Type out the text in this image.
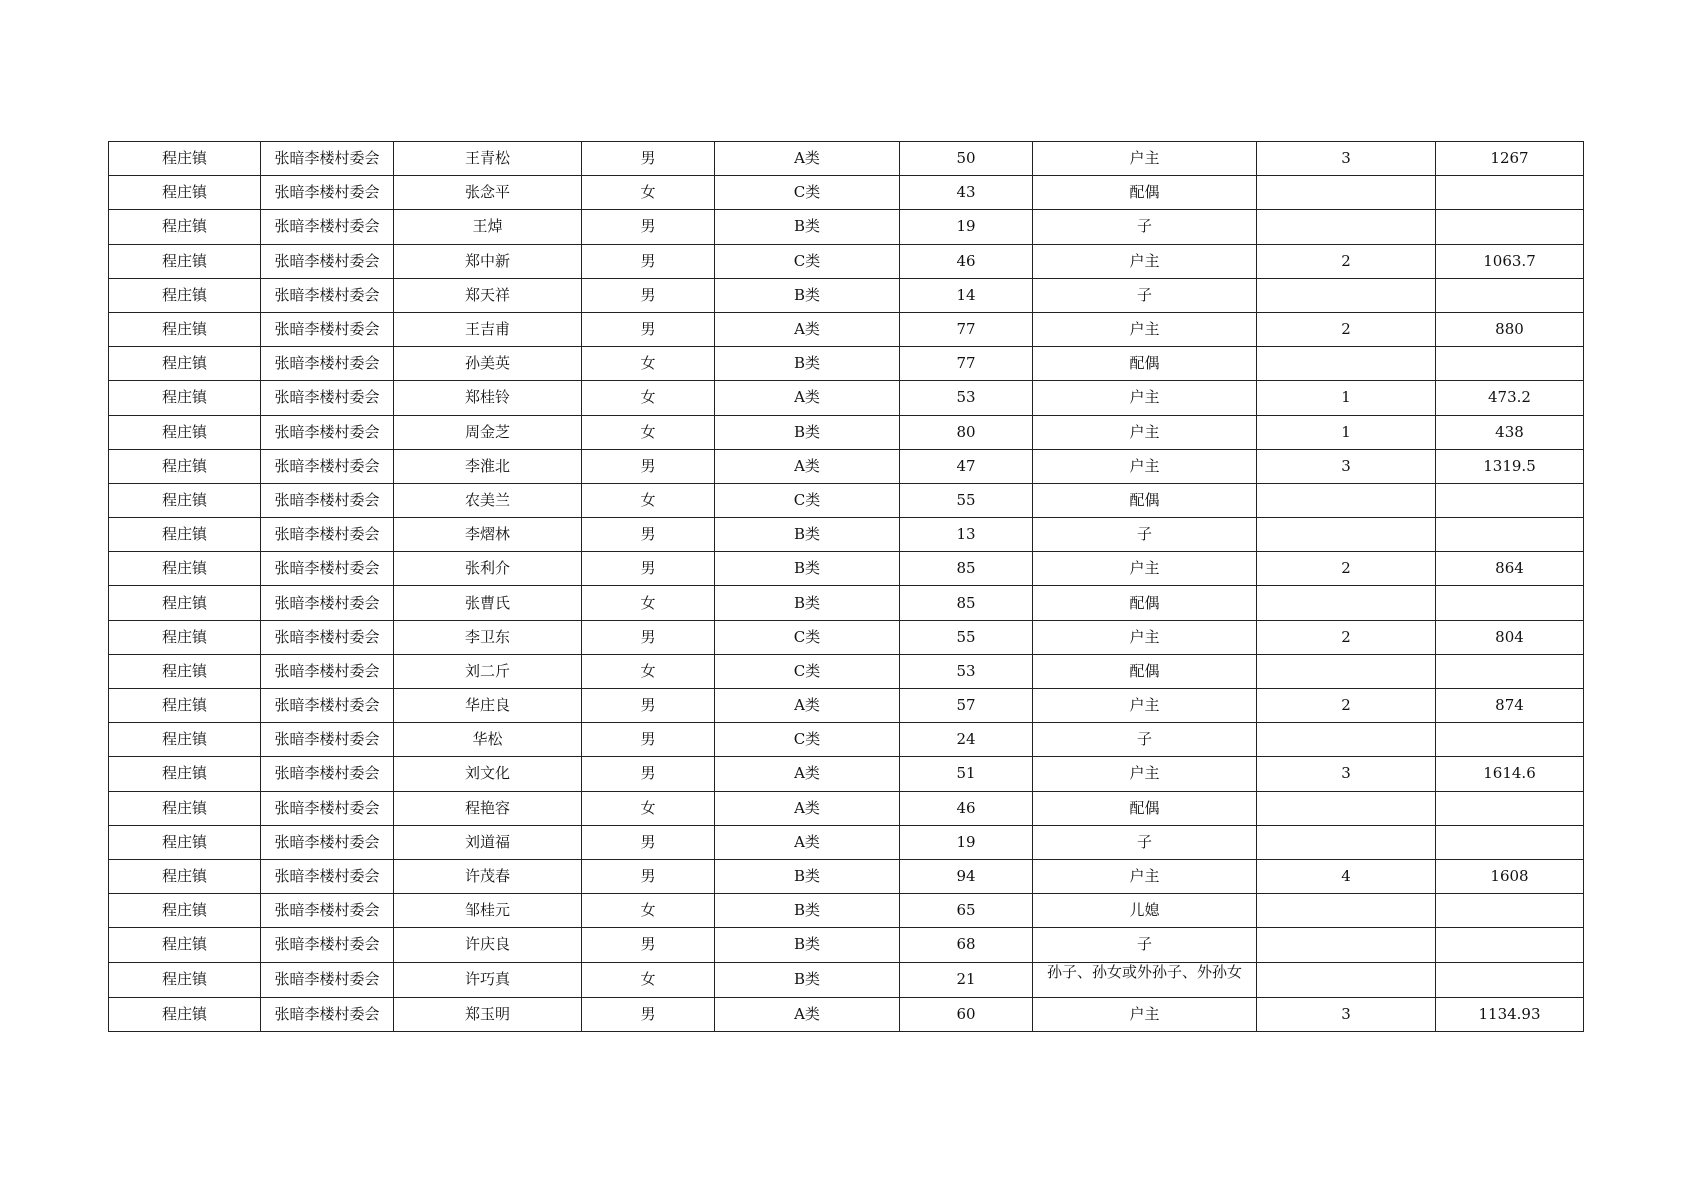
程庄镇	张暗李楼村委会	王青松	男	A类	50	户主	3	1267
程庄镇	张暗李楼村委会	张念平	女	C类	43	配偶		
程庄镇	张暗李楼村委会	王焯	男	B类	19	子		
程庄镇	张暗李楼村委会	郑中新	男	C类	46	户主	2	1063.7
程庄镇	张暗李楼村委会	郑天祥	男	B类	14	子		
程庄镇	张暗李楼村委会	王吉甫	男	A类	77	户主	2	880
程庄镇	张暗李楼村委会	孙美英	女	B类	77	配偶		
程庄镇	张暗李楼村委会	郑桂铃	女	A类	53	户主	1	473.2
程庄镇	张暗李楼村委会	周金芝	女	B类	80	户主	1	438
程庄镇	张暗李楼村委会	李淮北	男	A类	47	户主	3	1319.5
程庄镇	张暗李楼村委会	农美兰	女	C类	55	配偶		
程庄镇	张暗李楼村委会	李熠林	男	B类	13	子		
程庄镇	张暗李楼村委会	张利介	男	B类	85	户主	2	864
程庄镇	张暗李楼村委会	张曹氏	女	B类	85	配偶		
程庄镇	张暗李楼村委会	李卫东	男	C类	55	户主	2	804
程庄镇	张暗李楼村委会	刘二斤	女	C类	53	配偶		
程庄镇	张暗李楼村委会	华庄良	男	A类	57	户主	2	874
程庄镇	张暗李楼村委会	华松	男	C类	24	子		
程庄镇	张暗李楼村委会	刘文化	男	A类	51	户主	3	1614.6
程庄镇	张暗李楼村委会	程艳容	女	A类	46	配偶		
程庄镇	张暗李楼村委会	刘道福	男	A类	19	子		
程庄镇	张暗李楼村委会	许茂春	男	B类	94	户主	4	1608
程庄镇	张暗李楼村委会	邹桂元	女	B类	65	儿媳		
程庄镇	张暗李楼村委会	许庆良	男	B类	68	子		
程庄镇	张暗李楼村委会	许巧真	女	B类	21	孙子、孙女或外孙子、外孙女		

程庄镇	张暗李楼村委会	郑玉明	男	A类	60	户主	3	1134.93
